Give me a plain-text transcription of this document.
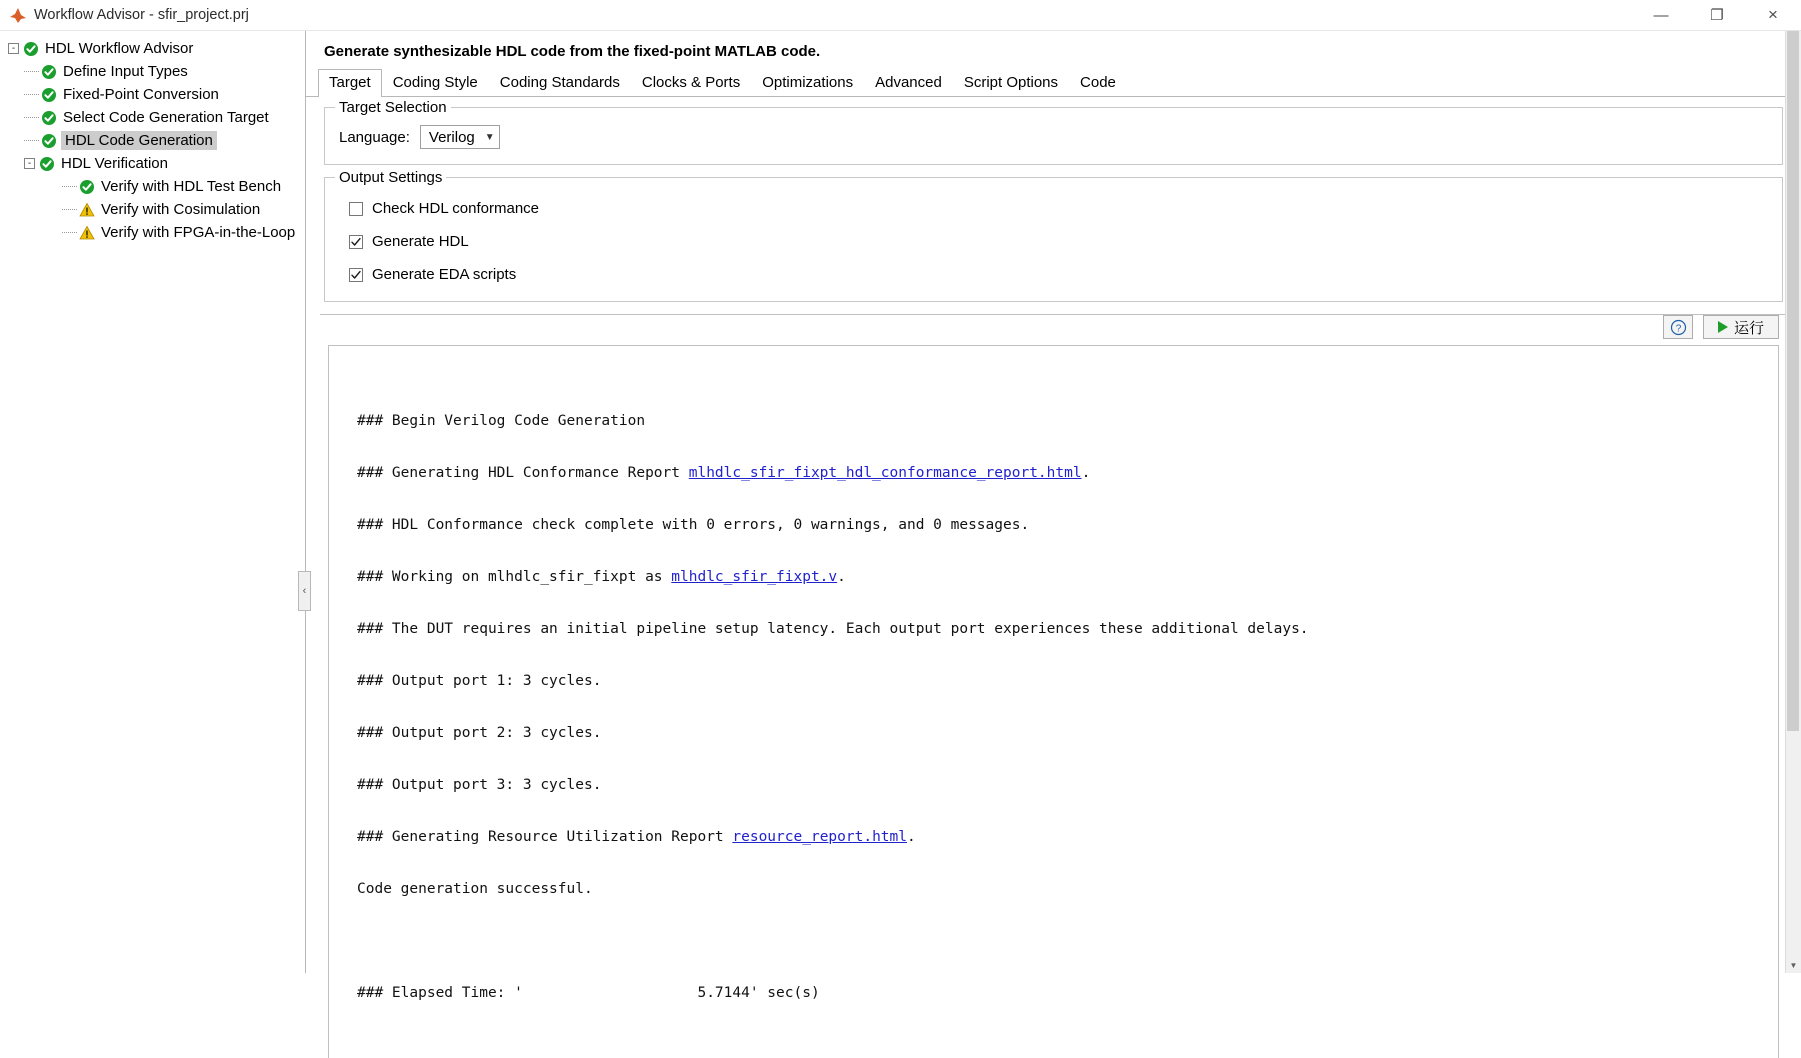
Workflow Advisor - sfir_project.prj	—	❐	×
- HDL Workflow Advisor
Define Input Types
Fixed-Point Conversion
Select Code Generation Target
HDL Code Generation
- HDL Verification
Verify with HDL Test Bench
Verify with Cosimulation
Verify with FPGA-in-the-Loop
‹
Generate synthesizable HDL code from the fixed-point MATLAB code.
Target	Coding Style	Coding Standards	Clocks & Ports	Optimizations	Advanced	Script Options	Code
Target Selection
Language: Verilog ▼
Output Settings
Check HDL conformance
Generate HDL
Generate EDA scripts
?	运行

### Begin Verilog Code Generation

### Generating HDL Conformance Report mlhdlc_sfir_fixpt_hdl_conformance_report.html.

### HDL Conformance check complete with 0 errors, 0 warnings, and 0 messages.

### Working on mlhdlc_sfir_fixpt as mlhdlc_sfir_fixpt.v.

### The DUT requires an initial pipeline setup latency. Each output port experiences these additional delays.

### Output port 1: 3 cycles.

### Output port 2: 3 cycles.

### Output port 3: 3 cycles.

### Generating Resource Utilization Report resource_report.html.

Code generation successful.

### Elapsed Time: '                    5.7144' sec(s)

▼
